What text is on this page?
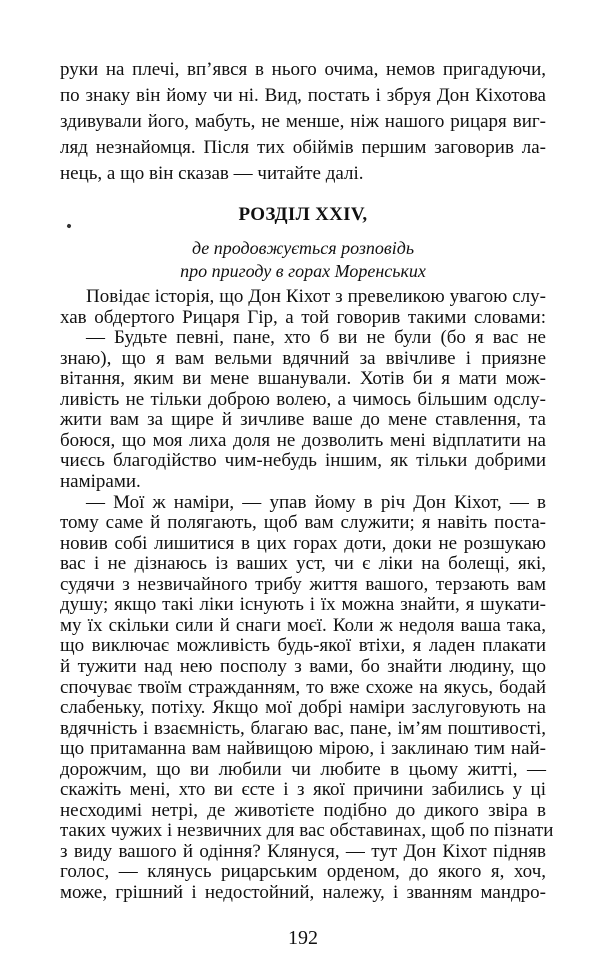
руки на плечі, вп’явся в нього очима, немов пригадуючи,
по знаку він йому чи ні. Вид, постать і збруя Дон Кіхотова
здивували його, мабуть, не менше, ніж нашого рицаря виг-
ляд незнайомця. Після тих обіймів першим заговорив ла-
нець, а що він сказав — читайте далі.
РОЗДІЛ XXIV,
де продовжується розповідь
про пригоду в горах Моренських
Повідає історія, що Дон Кіхот з превеликою увагою слу-
хав обдертого Рицаря Гір, а той говорив такими словами:
— Будьте певні, пане, хто б ви не були (бо я вас не
знаю), що я вам вельми вдячний за ввічливе і приязне
вітання, яким ви мене вшанували. Хотів би я мати мож-
ливість не тільки доброю волею, а чимось більшим одслу-
жити вам за щире й зичливе ваше до мене ставлення, та
боюся, що моя лиха доля не дозволить мені відплатити на
чиєсь благодійство чим-небудь іншим, як тільки добрими
намірами.
— Мої ж наміри, — упав йому в річ Дон Кіхот, — в
тому саме й полягають, щоб вам служити; я навіть поста-
новив собі лишитися в цих горах доти, доки не розшукаю
вас і не дізнаюсь із ваших уст, чи є ліки на болещі, які,
судячи з незвичайного трибу життя вашого, терзають вам
душу; якщо такі ліки існують і їх можна знайти, я шукати-
му їх скільки сили й снаги моєї. Коли ж недоля ваша така,
що виключає можливість будь-якої втіхи, я ладен плакати
й тужити над нею посполу з вами, бо знайти людину, що
спочуває твоїм стражданням, то вже схоже на якусь, бодай
слабеньку, потіху. Якщо мої добрі наміри заслуговують на
вдячність і взаємність, благаю вас, пане, ім’ям поштивості,
що притаманна вам найвищою мірою, і заклинаю тим най-
дорожчим, що ви любили чи любите в цьому житті, —
скажіть мені, хто ви єсте і з якої причини забились у ці
несходимі нетрі, де животієте подібно до дикого звіра в
таких чужих і незвичних для вас обставинах, щоб по пізнати
з виду вашого й одіння? Клянуся, — тут Дон Кіхот підняв
голос, — клянусь рицарським орденом, до якого я, хоч,
може, грішний і недостойний, належу, і званням мандро-
192
